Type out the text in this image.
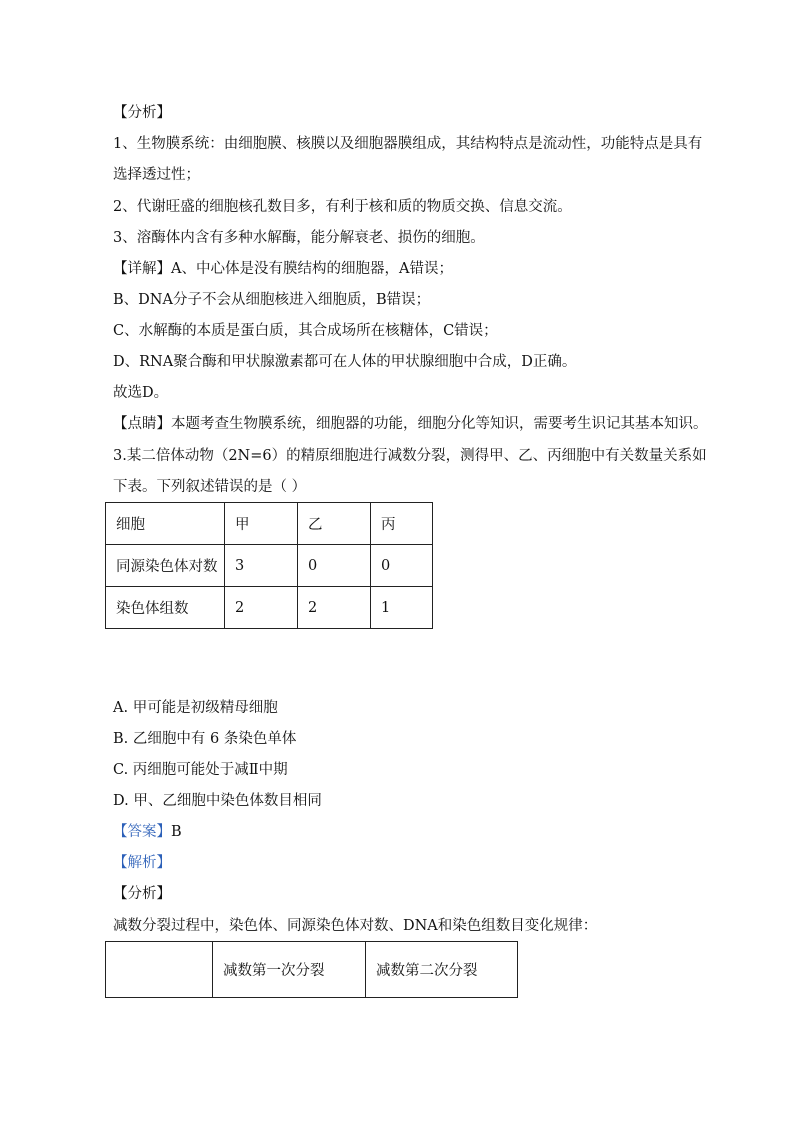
【分析】
1、生物膜系统：由细胞膜、核膜以及细胞器膜组成，其结构特点是流动性，功能特点是具有
选择透过性；
2、代谢旺盛的细胞核孔数目多，有利于核和质的物质交换、信息交流。
3、溶酶体内含有多种水解酶，能分解衰老、损伤的细胞。
【详解】A、中心体是没有膜结构的细胞器，A错误；
B、DNA分子不会从细胞核进入细胞质，B错误；
C、水解酶的本质是蛋白质，其合成场所在核糖体，C错误；
D、RNA聚合酶和甲状腺激素都可在人体的甲状腺细胞中合成，D正确。
故选D。
【点睛】本题考查生物膜系统，细胞器的功能，细胞分化等知识，需要考生识记其基本知识。
3.某二倍体动物（2N=6）的精原细胞进行减数分裂，测得甲、乙、丙细胞中有关数量关系如
下表。下列叙述错误的是（ ）
细胞	甲	乙	丙
同源染色体对数	3	0	0
染色体组数	2	2	1
A. 甲可能是初级精母细胞
B. 乙细胞中有 6 条染色单体
C. 丙细胞可能处于减Ⅱ中期
D. 甲、乙细胞中染色体数目相同
【答案】B
【解析】
【分析】
减数分裂过程中，染色体、同源染色体对数、DNA和染色组数目变化规律：
	减数第一次分裂	减数第二次分裂
